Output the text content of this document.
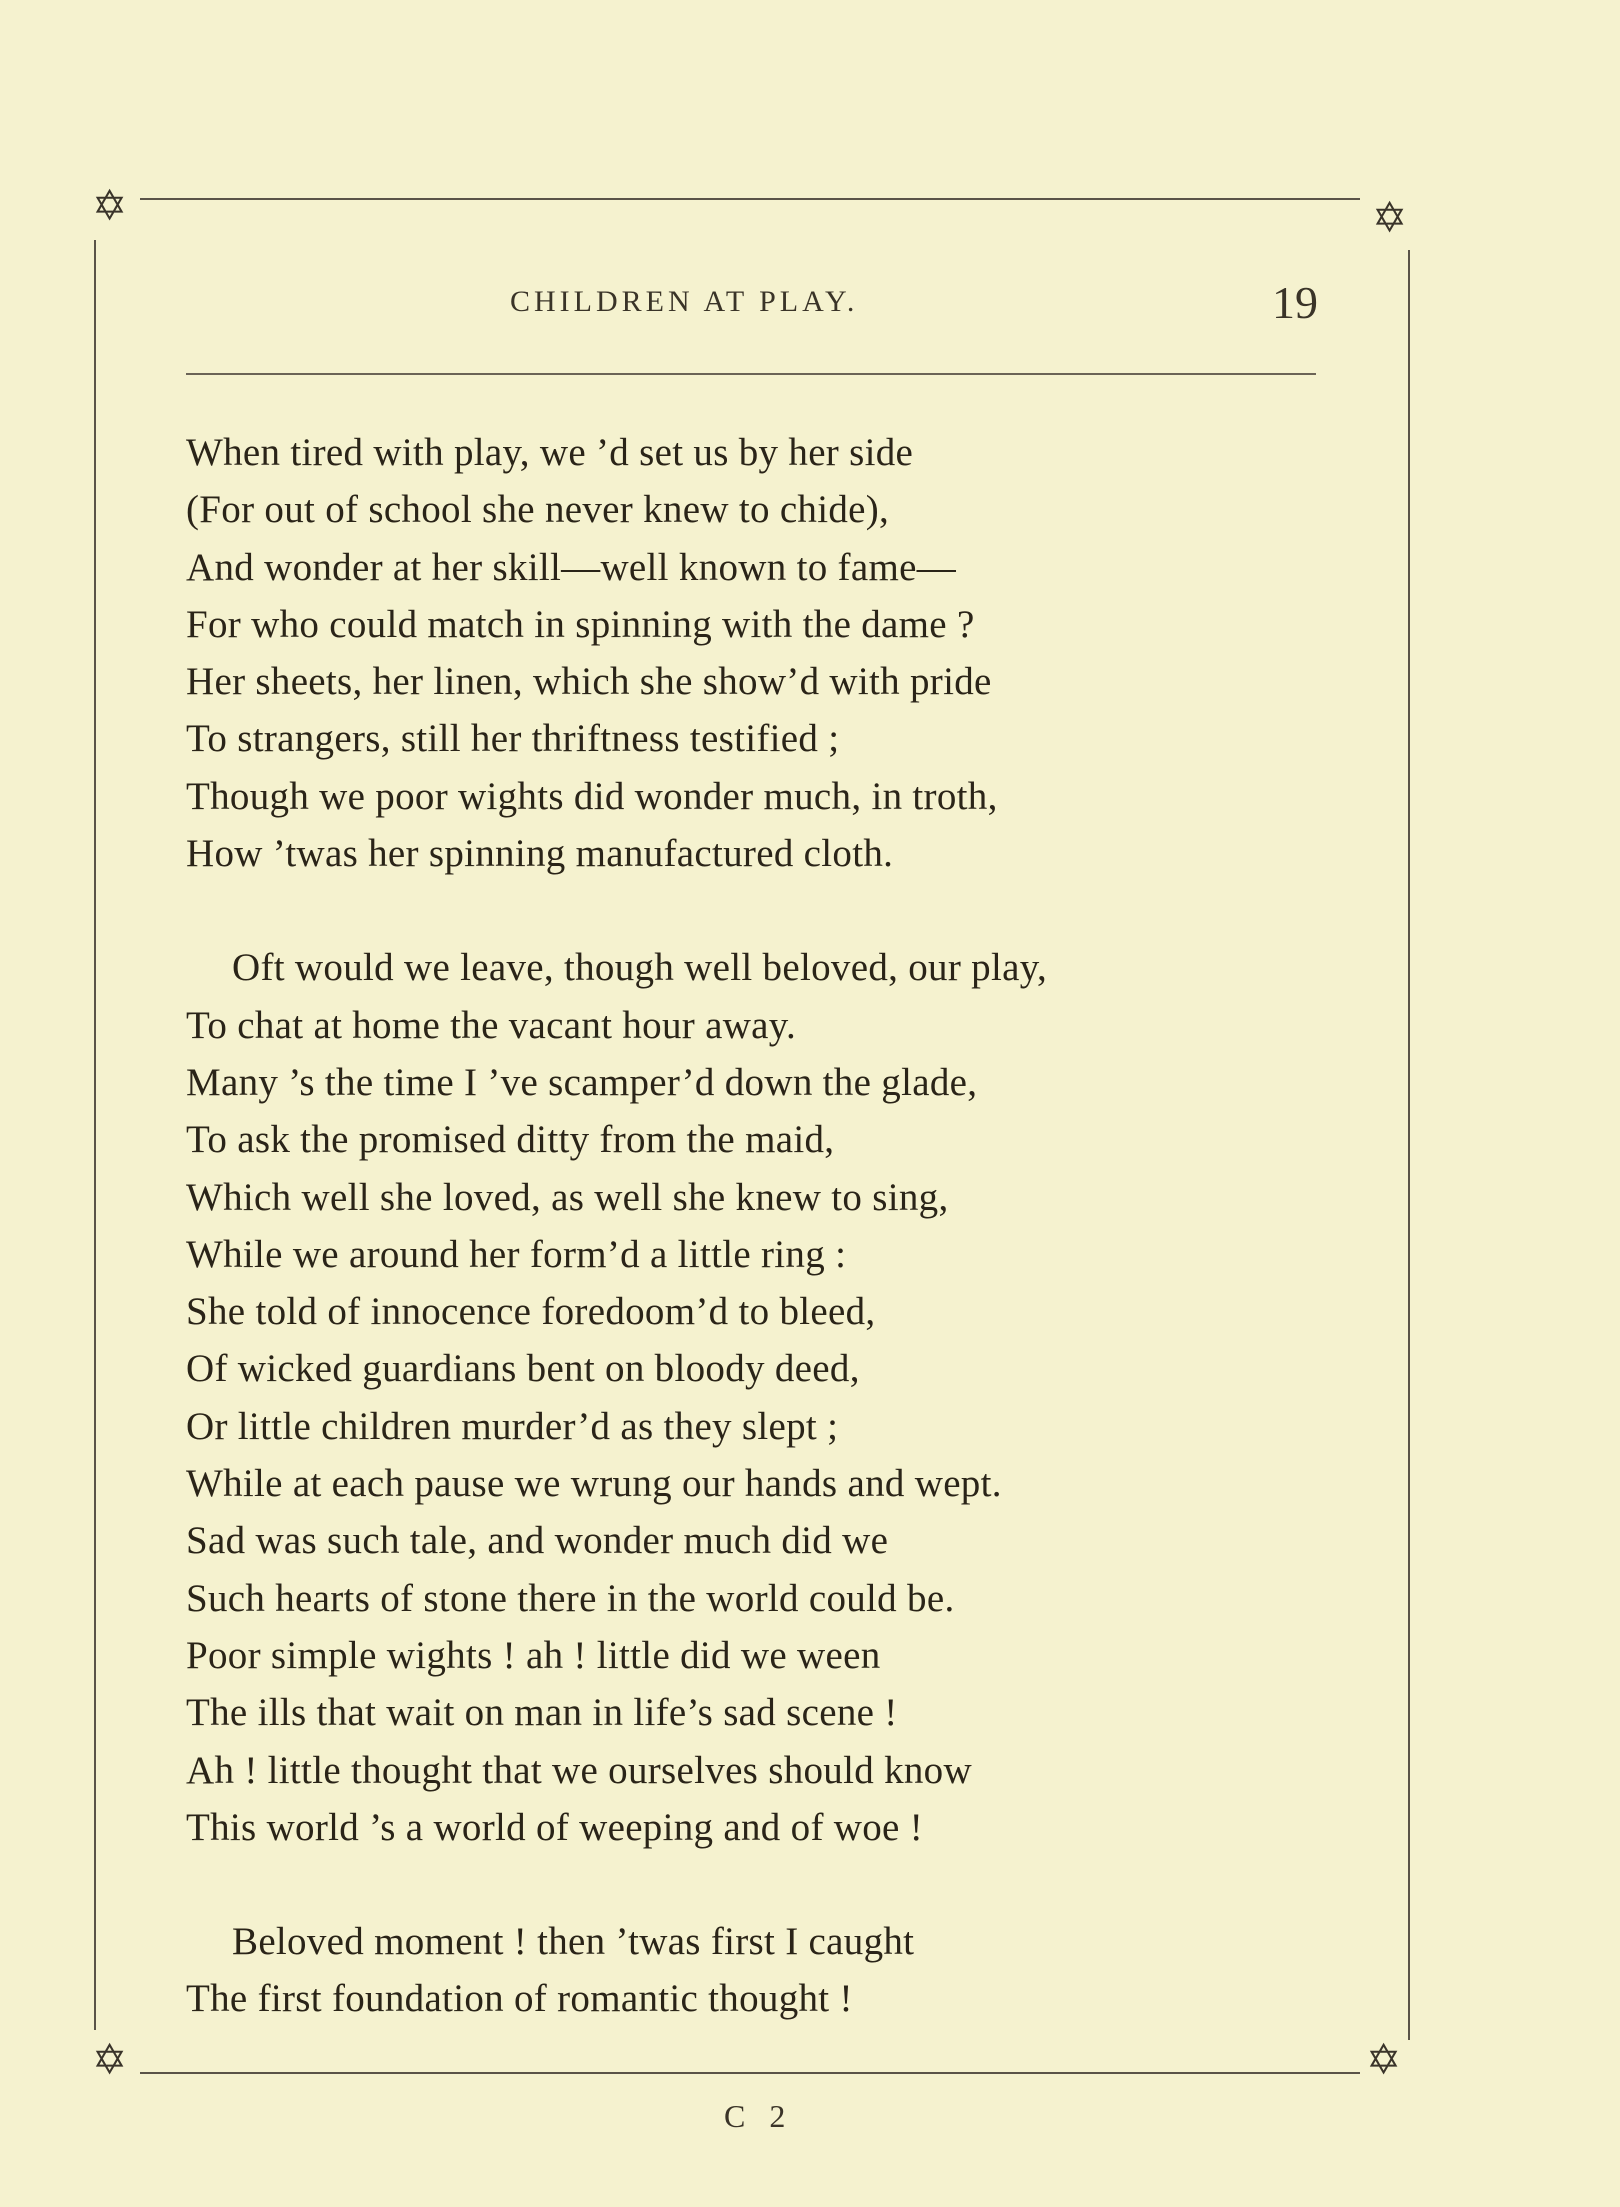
✡	✡
✡	✡
CHILDREN AT PLAY.	19
When tired with play, we ’d set us by her side
(For out of school she never knew to chide),
And wonder at her skill—well known to fame—
For who could match in spinning with the dame ?
Her sheets, her linen, which she show’d with pride
To strangers, still her thriftness testified ;
Though we poor wights did wonder much, in troth,
How ’twas her spinning manufactured cloth.
Oft would we leave, though well beloved, our play,
To chat at home the vacant hour away.
Many ’s the time I ’ve scamper’d down the glade,
To ask the promised ditty from the maid,
Which well she loved, as well she knew to sing,
While we around her form’d a little ring :
She told of innocence foredoom’d to bleed,
Of wicked guardians bent on bloody deed,
Or little children murder’d as they slept ;
While at each pause we wrung our hands and wept.
Sad was such tale, and wonder much did we
Such hearts of stone there in the world could be.
Poor simple wights ! ah ! little did we ween
The ills that wait on man in life’s sad scene !
Ah ! little thought that we ourselves should know
This world ’s a world of weeping and of woe !
Beloved moment ! then ’twas first I caught
The first foundation of romantic thought !
C 2
